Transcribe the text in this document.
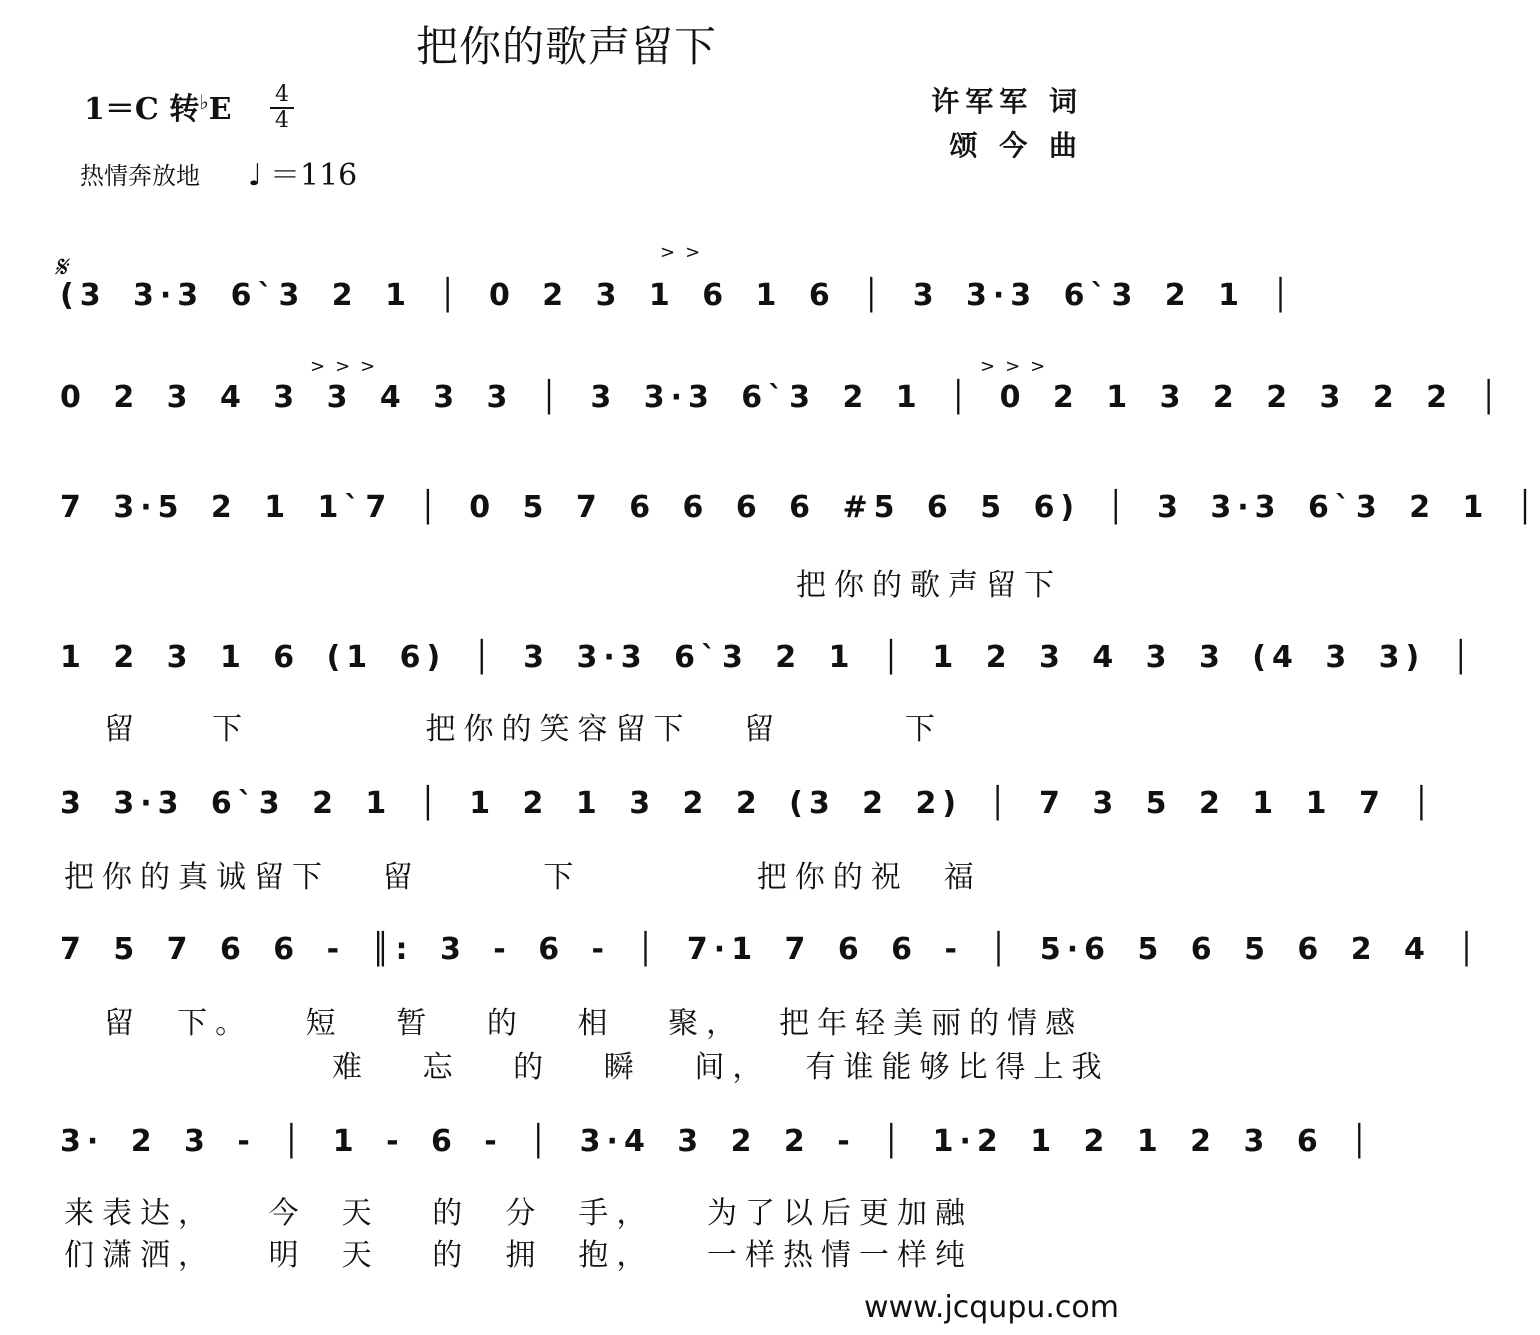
把你的歌声留下
1＝C 转♭E 4
4
许军军 词
颂 今 曲
热情奔放地 ♩ ＝116
𝄋
(3 3·3 6`3 2 1 │ 0 2 3 1 6 1 6 │ 3 3·3 6`3 2 1 │
>>
0 2 3 4 3 3 4 3 3 │ 3 3·3 6`3 2 1 │ 0 2 1 3 2 2 3 2 2 │
>>>	>>>
7 3·5 2 1 1`7 │ 0 5 7 6 6 6 6 #5 6 5 6) │ 3 3·3 6`3 2 1 │
把你的歌声留下
1 2 3 1 6 (1 6) │ 3 3·3 6`3 2 1 │ 1 2 3 4 3 3 (4 3 3) │
留    下          把你的笑容留下   留       下
3 3·3 6`3 2 1 │ 1 2 1 3 2 2 (3 2 2) │ 7 3 5 2 1 1 7 │
把你的真诚留下   留       下          把你的祝  福
7 5 7 6 6 - ║: 3 - 6 - │ 7·1 7 6 6 - │ 5·6 5 6 5 6 2 4 │
留  下。   短   暂   的   相   聚，  把年轻美丽的情感
难   忘   的   瞬   间，  有谁能够比得上我
3· 2 3 - │ 1 - 6 - │ 3·4 3 2 2 - │ 1·2 1 2 1 2 3 6 │
来表达，   今  天   的  分  手，   为了以后更加融
们潇洒，   明  天   的  拥  抱，   一样热情一样纯
www.jcqupu.com
